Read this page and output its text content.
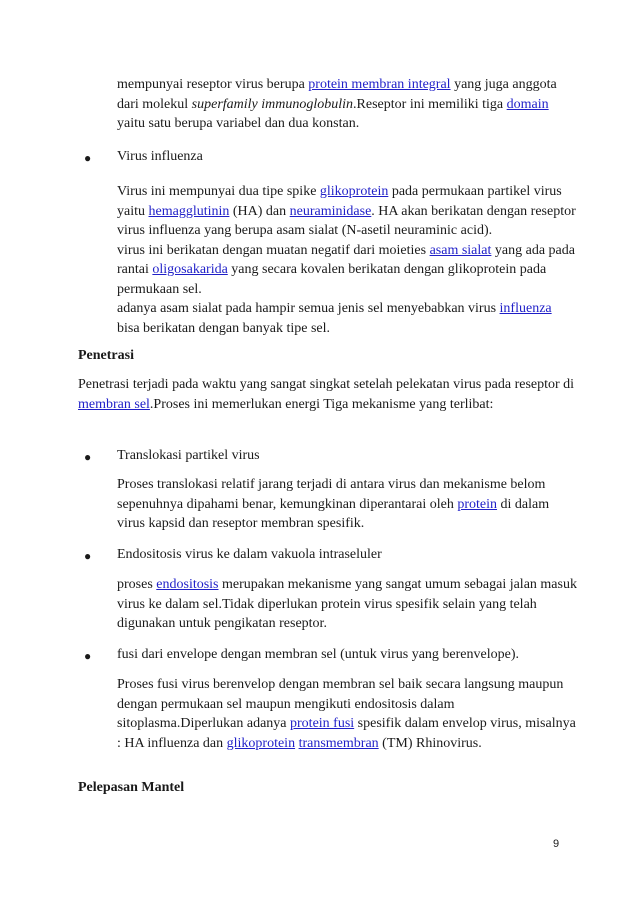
mempunyai reseptor virus berupa protein membran integral yang juga anggota dari molekul superfamily immunoglobulin.Reseptor ini memiliki tiga domain yaitu satu berupa variabel dan dua konstan.

● Virus influenza

Virus ini mempunyai dua tipe spike glikoprotein pada permukaan partikel virus yaitu hemagglutinin (HA) dan neuraminidase. HA akan berikatan dengan reseptor virus influenza yang berupa asam sialat (N-asetil neuraminic acid).
virus ini berikatan dengan muatan negatif dari moieties asam sialat yang ada pada rantai oligosakarida yang secara kovalen berikatan dengan glikoprotein pada permukaan sel.
adanya asam sialat pada hampir semua jenis sel menyebabkan virus influenza bisa berikatan dengan banyak tipe sel.

Penetrasi

Penetrasi terjadi pada waktu yang sangat singkat setelah pelekatan virus pada reseptor di membran sel.Proses ini memerlukan energi Tiga mekanisme yang terlibat:

● Translokasi partikel virus

Proses translokasi relatif jarang terjadi di antara virus dan mekanisme belom sepenuhnya dipahami benar, kemungkinan diperantarai oleh protein di dalam virus kapsid dan reseptor membran spesifik.

● Endositosis virus ke dalam vakuola intraseluler

proses endositosis merupakan mekanisme yang sangat umum sebagai jalan masuk virus ke dalam sel.Tidak diperlukan protein virus spesifik selain yang telah digunakan untuk pengikatan reseptor.

● fusi dari envelope dengan membran sel (untuk virus yang berenvelope).

Proses fusi virus berenvelop dengan membran sel baik secara langsung maupun dengan permukaan sel maupun mengikuti endositosis dalam sitoplasma.Diperlukan adanya protein fusi spesifik dalam envelop virus, misalnya : HA influenza dan glikoprotein transmembran (TM) Rhinovirus.

Pelepasan Mantel
9
